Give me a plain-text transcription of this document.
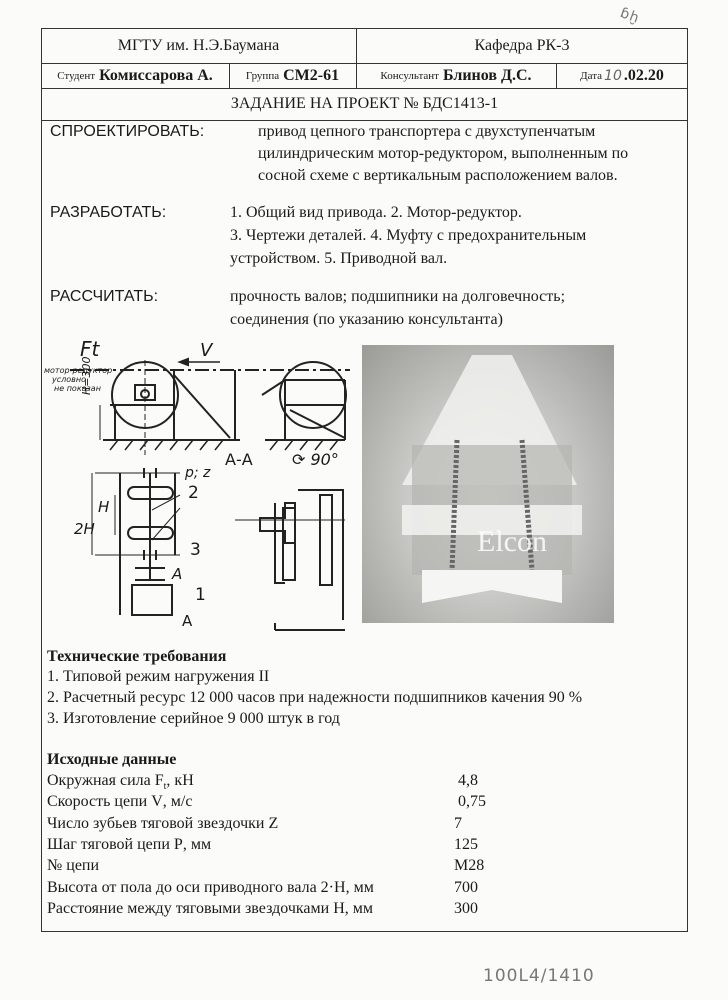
МГТУ им. Н.Э.Баумана	Кафедра РК-3
Студент Комиссарова А.	Группа СМ2-61	Консультант Блинов Д.С.	Дата 10 .02.20
ЗАДАНИЕ НА ПРОЕКТ № БДС1413-1
СПРОЕКТИРОВАТЬ:	привод цепного транспортера с двухступенчатым
цилиндрическим мотор-редуктором, выполненным по
сосной схеме с вертикальным расположением валов.
РАЗРАБОТАТЬ:	1. Общий вид привода. 2. Мотор-редуктор.
3. Чертежи деталей. 4. Муфту с предохранительным
устройством. 5. Приводной вал.
РАССЧИТАТЬ:	прочность валов; подшипники на долговечность;
соединения (по указанию консультанта)
Ft	V
мотор-редуктор
условно
не показан
H=300
А-А ⟳ 90°
p; z
2
3
1
А
А
H
2H	Elcon
Технические требования
1. Типовой режим нагружения II
2. Расчетный ресурс 12 000 часов при надежности подшипников качения 90 %
3. Изготовление серийное 9 000 штук в год
Исходные данные
Окружная сила $F_t$, кН	4,8
Скорость цепи V, м/с	0,75
Число зубьев тяговой звездочки Z	7
Шаг тяговой цепи P, мм	125
№ цепи	М28
Высота от пола до оси приводного вала 2·H, мм	700
Расстояние между тяговыми звездочками H, мм	300
100L4/1410
ɓḫ
